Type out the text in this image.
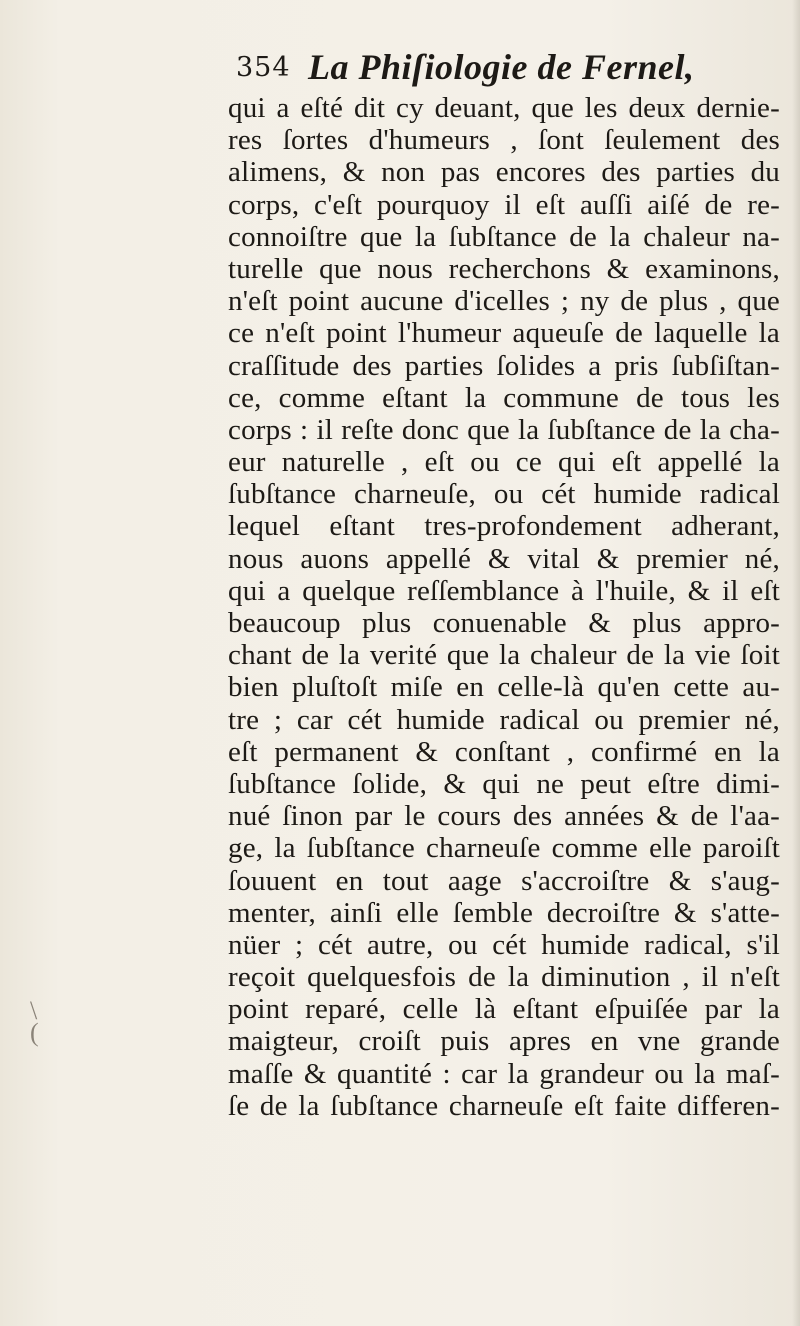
354 La Phiſiologie de Fernel,
\
(
qui a eſté dit cy deuant, que les deux dernie-
res ſortes d'humeurs , ſont ſeulement des
alimens, & non pas encores des parties du
corps, c'eſt pourquoy il eſt auſſi aiſé de re-
connoiſtre que la ſubſtance de la chaleur na-
turelle que nous recherchons & examinons,
n'eſt point aucune d'icelles ; ny de plus , que
ce n'eſt point l'humeur aqueuſe de laquelle la
craſſitude des parties ſolides a pris ſubſiſtan-
ce, comme eſtant la commune de tous les
corps : il reſte donc que la ſubſtance de la cha-
eur naturelle , eſt ou ce qui eſt appellé la
ſubſtance charneuſe, ou cét humide radical
lequel eſtant tres-profondement adherant,
nous auons appellé & vital & premier né,
qui a quelque reſſemblance à l'huile, & il eſt
beaucoup plus conuenable & plus appro-
chant de la verité que la chaleur de la vie ſoit
bien pluſtoſt miſe en celle-là qu'en cette au-
tre ; car cét humide radical ou premier né,
eſt permanent & conſtant , confirmé en la
ſubſtance ſolide, & qui ne peut eſtre dimi-
nué ſinon par le cours des années & de l'aa-
ge, la ſubſtance charneuſe comme elle paroiſt
ſouuent en tout aage s'accroiſtre & s'aug-
menter, ainſi elle ſemble decroiſtre & s'atte-
nüer ; cét autre, ou cét humide radical, s'il
reçoit quelquesfois de la diminution , il n'eſt
point reparé, celle là eſtant eſpuiſée par la
maigteur, croiſt puis apres en vne grande
maſſe & quantité : car la grandeur ou la maſ-
ſe de la ſubſtance charneuſe eſt faite differen-
